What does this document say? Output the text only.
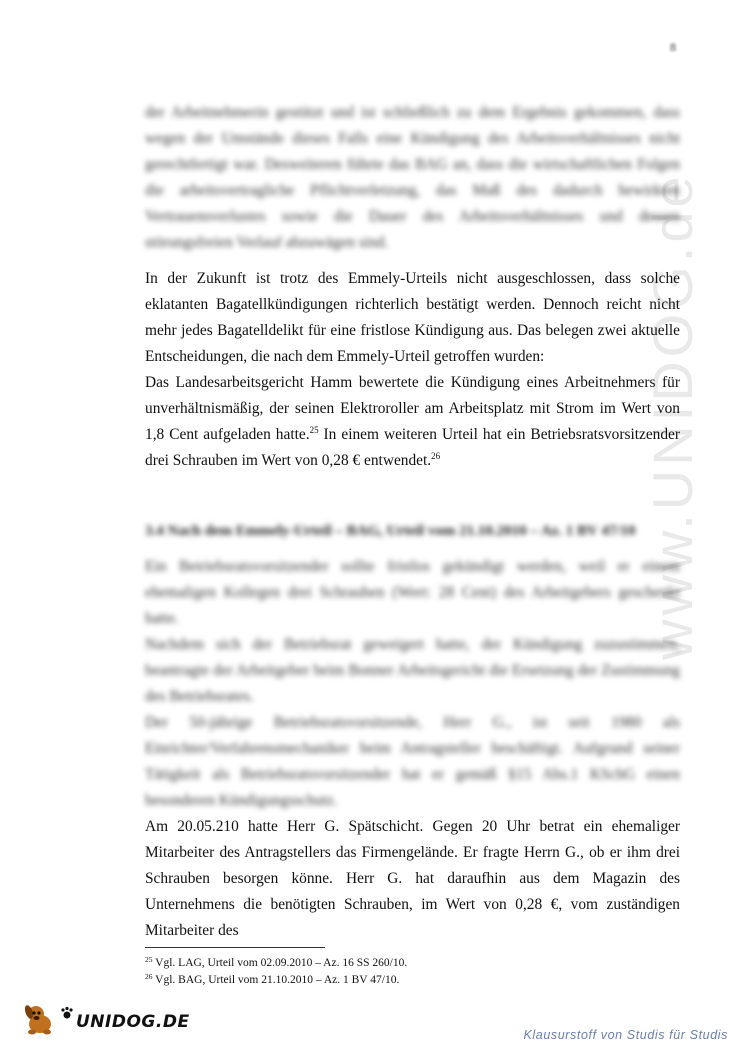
8
www.UNIDOG.de

der Arbeitnehmerin gestützt und ist schließlich zu dem Ergebnis gekommen, dass wegen der Umstände dieses Falls eine Kündigung des Arbeitsverhältnisses nicht gerechtfertigt war. Desweiteren führte das BAG an, dass die wirtschaftlichen Folgen die arbeitsvertragliche Pflichtverletzung, das Maß des dadurch bewirkten Vertrauensverlustes sowie die Dauer des Arbeitsverhältnisses und dessen störungsfreien Verlauf abzuwägen sind.

In der Zukunft ist trotz des Emmely-Urteils nicht ausgeschlossen, dass solche eklatanten Bagatellkündigungen richterlich bestätigt werden. Dennoch reicht nicht mehr jedes Bagatelldelikt für eine fristlose Kündigung aus. Das belegen zwei aktuelle Entscheidungen, die nach dem Emmely-Urteil getroffen wurden:

Das Landesarbeitsgericht Hamm bewertete die Kündigung eines Arbeitnehmers für unverhältnismäßig, der seinen Elektroroller am Arbeitsplatz mit Strom im Wert von 1,8 Cent aufgeladen hatte.$^{25}$ In einem weiteren Urteil hat ein Betriebsratsvorsitzender drei Schrauben im Wert von 0,28 € entwendet.$^{26}$

3.4 Nach dem Emmely-Urteil – BAG, Urteil vom 21.10.2010 – Az. 1 BV 47/10

Ein Betriebsratsvorsitzender sollte fristlos gekündigt werden, weil er einem ehemaligen Kollegen drei Schrauben (Wert: 28 Cent) des Arbeitgebers geschenkt hatte.

Nachdem sich der Betriebsrat geweigert hatte, der Kündigung zuzustimmen, beantragte der Arbeitgeber beim Bonner Arbeitsgericht die Ersetzung der Zustimmung des Betriebsrates.

Der 50-jährige Betriebsratsvorsitzende, Herr G., ist seit 1980 als Einrichter/Verfahrensmechaniker beim Antragsteller beschäftigt. Aufgrund seiner Tätigkeit als Betriebsratsvorsitzender hat er gemäß §15 Abs.1 KSchG einen besonderen Kündigungsschutz.

Am 20.05.210 hatte Herr G. Spätschicht. Gegen 20 Uhr betrat ein ehemaliger Mitarbeiter des Antragstellers das Firmengelände. Er fragte Herrn G., ob er ihm drei Schrauben besorgen könne. Herr G. hat daraufhin aus dem Magazin des Unternehmens die benötigten Schrauben, im Wert von 0,28 €, vom zuständigen Mitarbeiter des

$^{25}$ Vgl. LAG, Urteil vom 02.09.2010 – Az. 16 SS 260/10.
$^{26}$ Vgl. BAG, Urteil vom 21.10.2010 – Az. 1 BV 47/10.
UNIDOG.DE
Klausurstoff von Studis für Studis
